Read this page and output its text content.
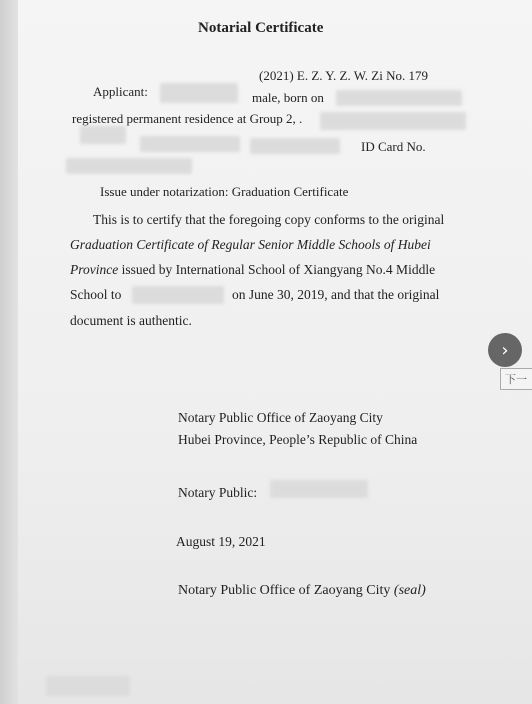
Notarial Certificate
(2021) E. Z. Y. Z. W. Zi No. 179
Applicant:	male, born on
registered permanent residence at Group 2, .
ID Card No.
Issue under notarization: Graduation Certificate
This is to certify that the foregoing copy conforms to the original
Graduation Certificate of Regular Senior Middle Schools of Hubei
Province issued by International School of Xiangyang No.4 Middle
School to	on June 30, 2019, and that the original
document is authentic.
Notary Public Office of Zaoyang City
Hubei Province, People’s Republic of China
Notary Public:
August 19, 2021
Notary Public Office of Zaoyang City (seal)
›
下一
